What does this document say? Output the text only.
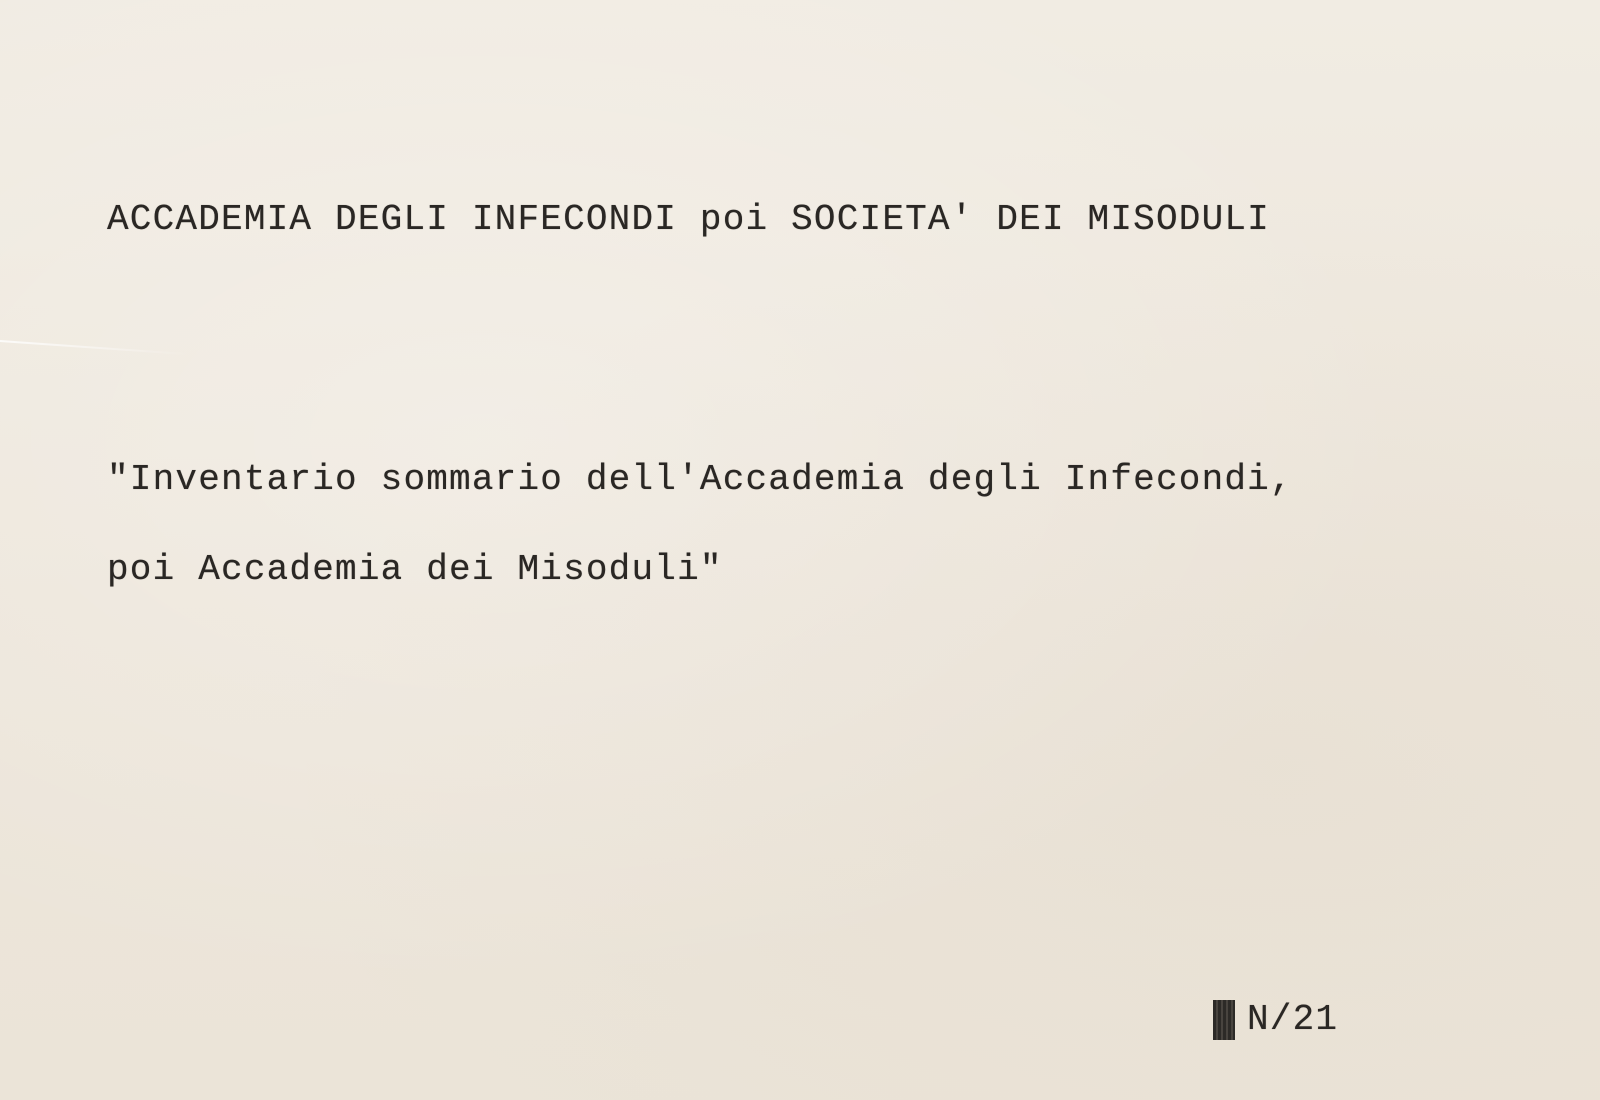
ACCADEMIA DEGLI INFECONDI poi SOCIETA' DEI MISODULI
"Inventario sommario dell'Accademia degli Infecondi,
poi Accademia dei Misoduli"
N/21
